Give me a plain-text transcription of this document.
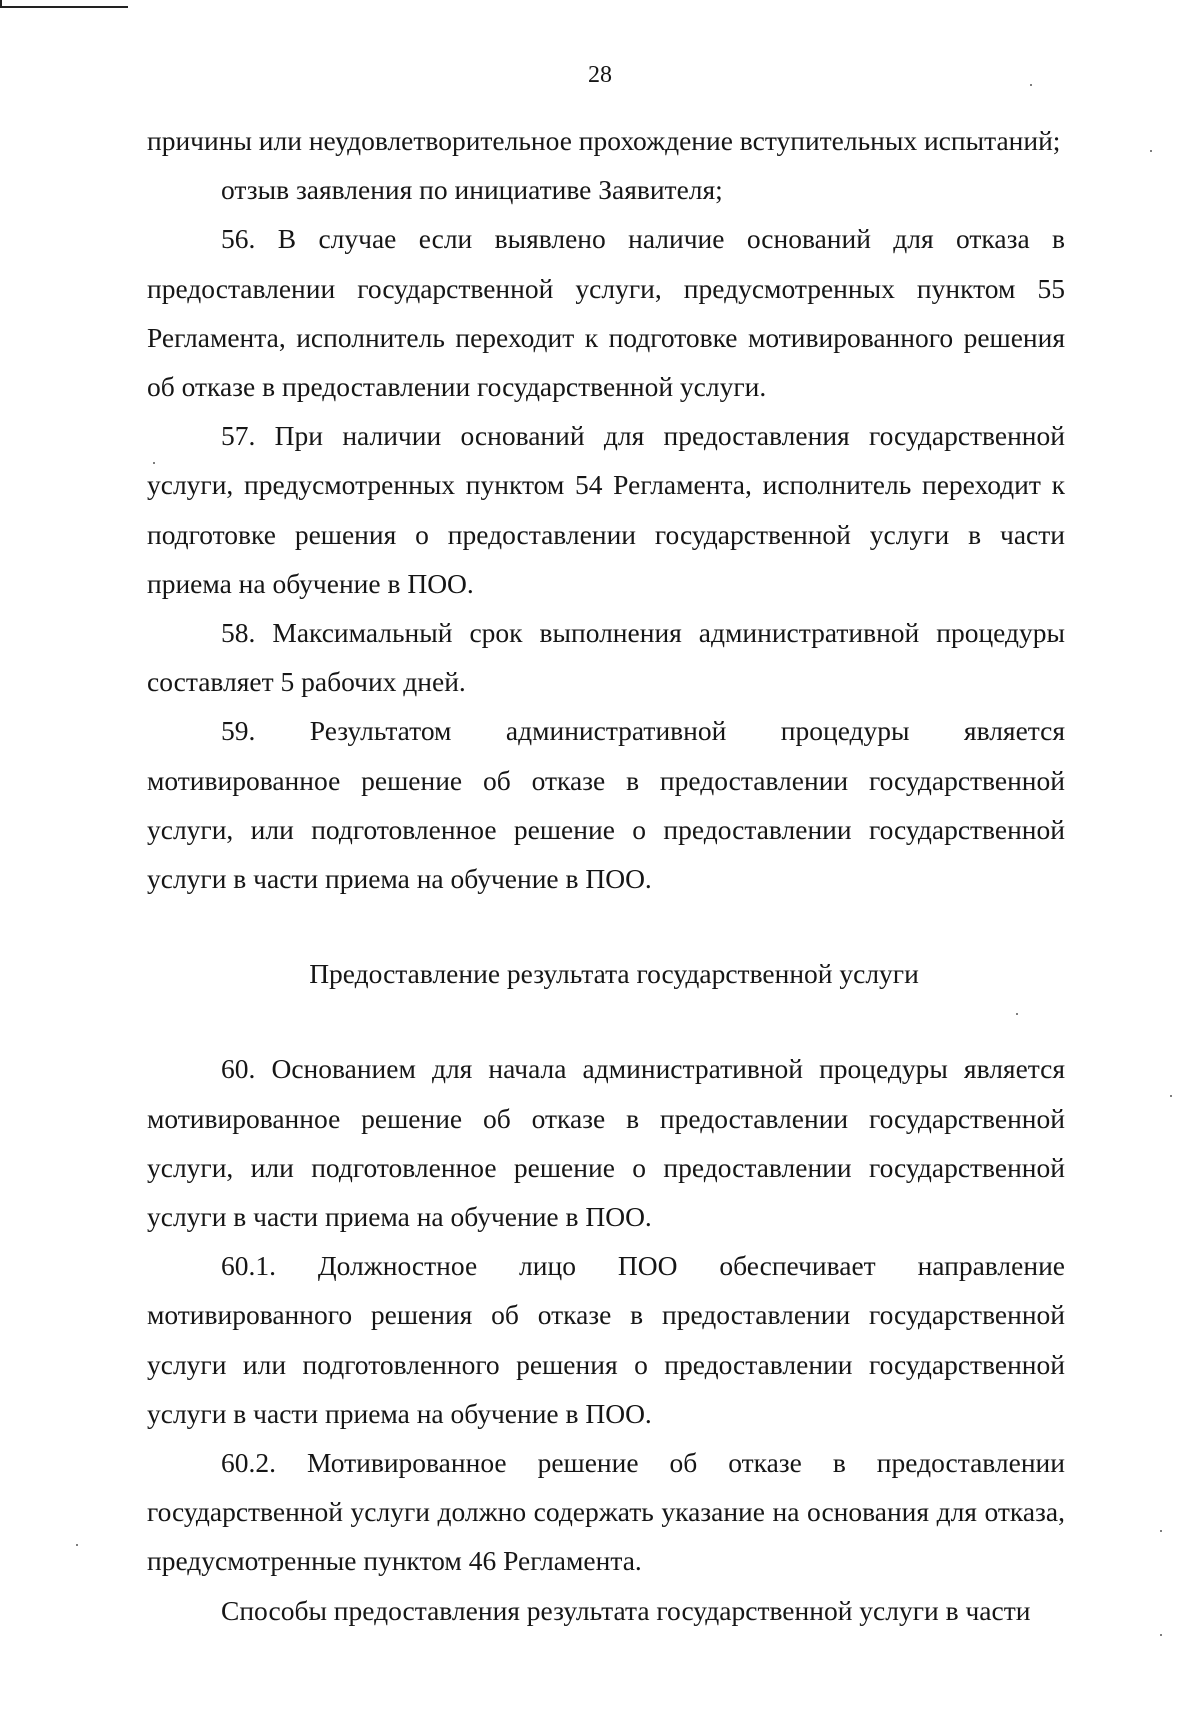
28

причины или неудовлетворительное прохождение вступительных испытаний;

отзыв заявления по инициативе Заявителя;

56. В случае если выявлено наличие оснований для отказа в предоставлении государственной услуги, предусмотренных пунктом 55 Регламента, исполнитель переходит к подготовке мотивированного решения об отказе в предоставлении государственной услуги.

57. При наличии оснований для предоставления государственной услуги, предусмотренных пунктом 54 Регламента, исполнитель переходит к подготовке решения о предоставлении государственной услуги в части приема на обучение в ПОО.

58. Максимальный срок выполнения административной процедуры составляет 5 рабочих дней.

59. Результатом административной процедуры является мотивированное решение об отказе в предоставлении государственной услуги, или подготовленное решение о предоставлении государственной услуги в части приема на обучение в ПОО.

Предоставление результата государственной услуги

60. Основанием для начала административной процедуры является мотивированное решение об отказе в предоставлении государственной услуги, или подготовленное решение о предоставлении государственной услуги в части приема на обучение в ПОО.

60.1. Должностное лицо ПОО обеспечивает направление мотивированного решения об отказе в предоставлении государственной услуги или подготовленного решения о предоставлении государственной услуги в части приема на обучение в ПОО.

60.2. Мотивированное решение об отказе в предоставлении государственной услуги должно содержать указание на основания для отказа, предусмотренные пунктом 46 Регламента.

Способы предоставления результата государственной услуги в части
